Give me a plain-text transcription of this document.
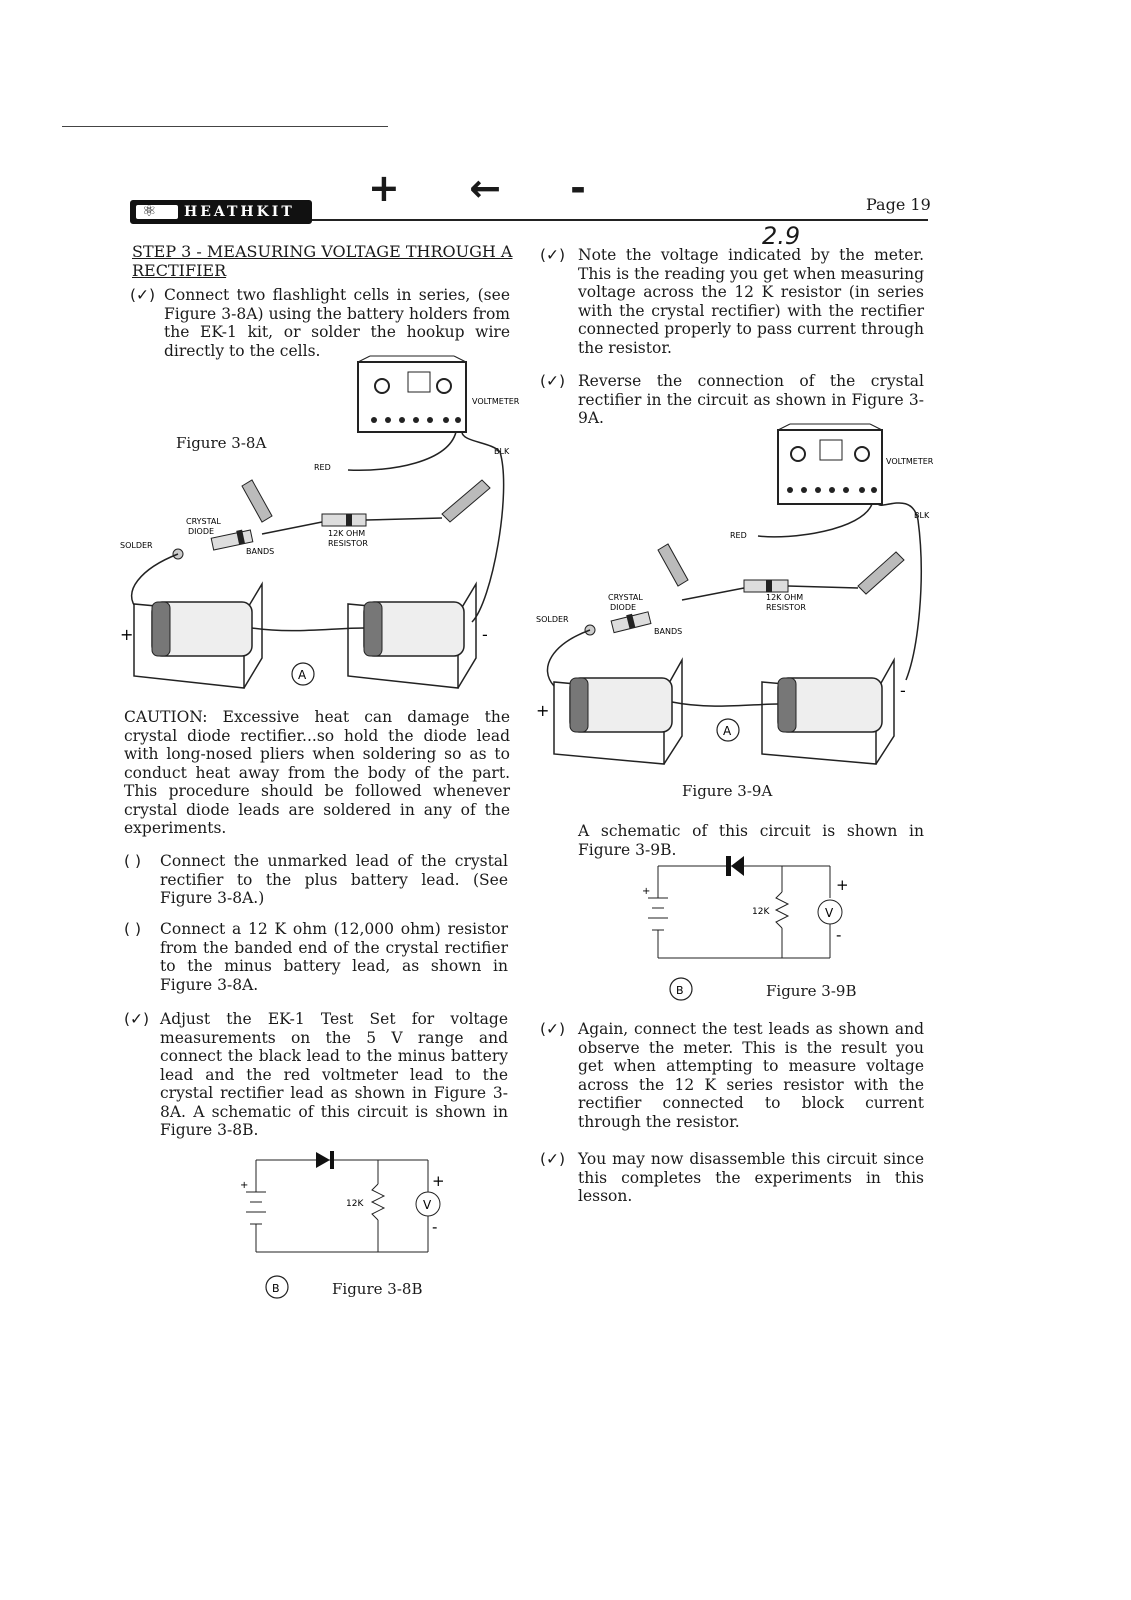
+ ← -
⚛ HEATHKIT	Page 19
STEP 3 - MEASURING VOLTAGE THROUGH A
RECTIFIER
(✓) Connect two flashlight cells in series, (see Figure 3-8A) using the battery holders from the EK-1 kit, or solder the hookup wire directly to the cells.
VOLTMETER
RED
BLK
CRYSTAL
DIODE
SOLDER
BANDS
12K OHM
RESISTOR
+	-
A
Figure 3-8A
CAUTION: Excessive heat can damage the crystal diode rectifier...so hold the diode lead with long-nosed pliers when soldering so as to conduct heat away from the body of the part. This procedure should be followed whenever crystal diode leads are soldered in any of the experiments.
( ) Connect the unmarked lead of the crystal rectifier to the plus battery lead. (See Figure 3-8A.)
( ) Connect a 12 K ohm (12,000 ohm) resistor from the banded end of the crystal rectifier to the minus battery lead, as shown in Figure 3-8A.
(✓) Adjust the EK-1 Test Set for voltage measurements on the 5 V range and connect the black lead to the minus battery lead and the red voltmeter lead to the crystal rectifier lead as shown in Figure 3-8A. A schematic of this circuit is shown in Figure 3-8B.
V
12K
+
-
+
B	Figure 3-8B
2.9
(✓) Note the voltage indicated by the meter. This is the reading you get when measuring voltage across the 12 K resistor (in series with the crystal rectifier) with the rectifier connected properly to pass current through the resistor.
(✓) Reverse the connection of the crystal rectifier in the circuit as shown in Figure 3-9A.
VOLTMETER
RED
BLK
CRYSTAL
DIODE
SOLDER
BANDS
12K OHM
RESISTOR
+
-
A
Figure 3-9A
A schematic of this circuit is shown in Figure 3-9B.
V
12K
+
-
+
B	Figure 3-9B
(✓) Again, connect the test leads as shown and observe the meter. This is the result you get when attempting to measure voltage across the 12 K series resistor with the rectifier connected to block current through the resistor.
(✓) You may now disassemble this circuit since this completes the experiments in this lesson.
